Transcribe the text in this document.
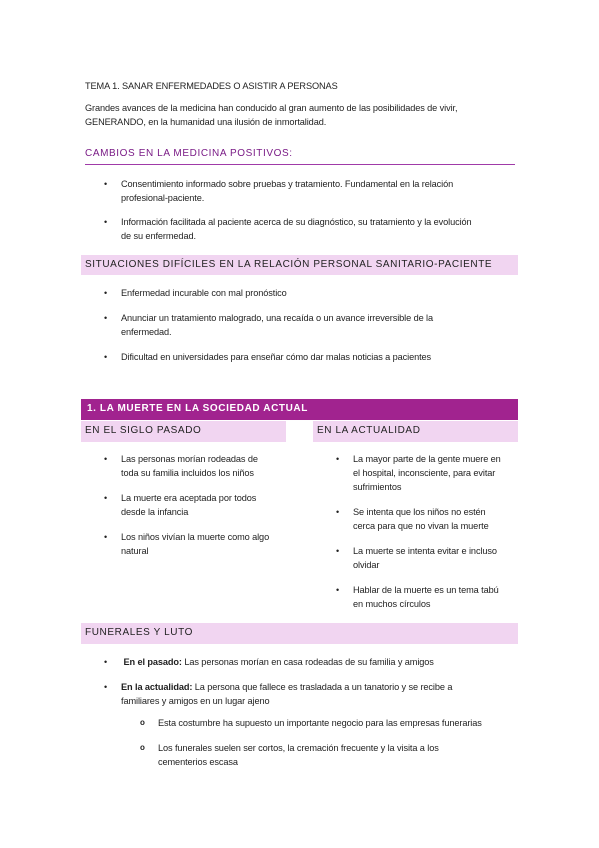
TEMA 1. SANAR ENFERMEDADES O ASISTIR A PERSONAS
Grandes avances de la medicina han conducido al gran aumento de las posibilidades de vivir,
GENERANDO, en la humanidad una ilusión de inmortalidad.
CAMBIOS EN LA MEDICINA POSITIVOS:
• Consentimiento informado sobre pruebas y tratamiento. Fundamental en la relación
profesional-paciente.
• Información facilitada al paciente acerca de su diagnóstico, su tratamiento y la evolución
de su enfermedad.
SITUACIONES DIFÍCILES EN LA RELACIÓN PERSONAL SANITARIO-PACIENTE
• Enfermedad incurable con mal pronóstico
• Anunciar un tratamiento malogrado, una recaída o un avance irreversible de la
enfermedad.
• Dificultad en universidades para enseñar cómo dar malas noticias a pacientes
1. LA MUERTE EN LA SOCIEDAD ACTUAL
EN EL SIGLO PASADO	EN LA ACTUALIDAD
• Las personas morían rodeadas de
toda su familia incluidos los niños
• La muerte era aceptada por todos
desde la infancia
• Los niños vivían la muerte como algo
natural
• La mayor parte de la gente muere en
el hospital, inconsciente, para evitar
sufrimientos
• Se intenta que los niños no estén
cerca para que no vivan la muerte
• La muerte se intenta evitar e incluso
olvidar
• Hablar de la muerte es un tema tabú
en muchos círculos
FUNERALES Y LUTO
• En el pasado: Las personas morían en casa rodeadas de su familia y amigos
• En la actualidad: La persona que fallece es trasladada a un tanatorio y se recibe a
familiares y amigos en un lugar ajeno
o Esta costumbre ha supuesto un importante negocio para las empresas funerarias
o Los funerales suelen ser cortos, la cremación frecuente y la visita a los
cementerios escasa
